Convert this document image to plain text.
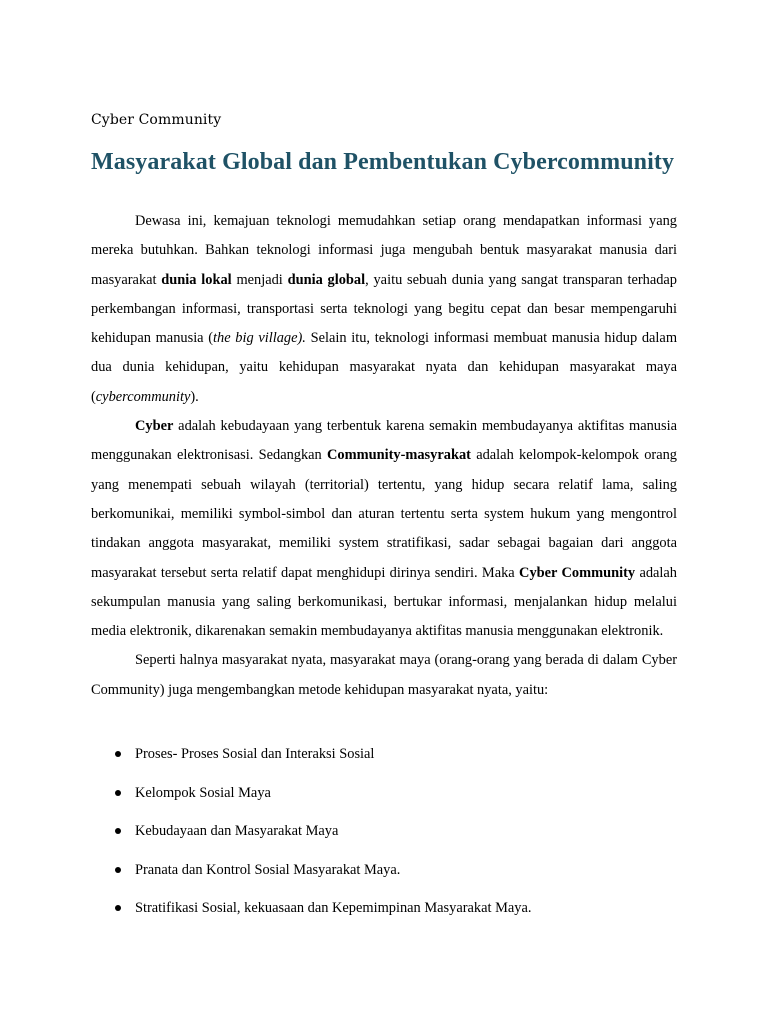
Cyber Community
Masyarakat Global dan Pembentukan Cybercommunity

Dewasa ini, kemajuan teknologi memudahkan setiap orang mendapatkan informasi yang mereka butuhkan. Bahkan teknologi informasi juga mengubah bentuk masyarakat manusia dari masyarakat dunia lokal menjadi dunia global, yaitu sebuah dunia yang sangat transparan terhadap perkembangan informasi, transportasi serta teknologi yang begitu cepat dan besar mempengaruhi kehidupan manusia (the big village). Selain itu, teknologi informasi membuat manusia hidup dalam dua dunia kehidupan, yaitu kehidupan masyarakat nyata dan kehidupan masyarakat maya (cybercommunity).

Cyber adalah kebudayaan yang terbentuk karena semakin membudayanya aktifitas manusia menggunakan elektronisasi. Sedangkan Community-masyrakat adalah kelompok-kelompok orang yang menempati sebuah wilayah (territorial) tertentu, yang hidup secara relatif lama, saling berkomunikai, memiliki symbol-simbol dan aturan tertentu serta system hukum yang mengontrol tindakan anggota masyarakat, memiliki system stratifikasi, sadar sebagai bagaian dari anggota masyarakat tersebut serta relatif dapat menghidupi dirinya sendiri. Maka Cyber Community adalah sekumpulan manusia yang saling berkomunikasi, bertukar informasi, menjalankan hidup melalui media elektronik, dikarenakan semakin membudayanya aktifitas manusia menggunakan elektronik.

Seperti halnya masyarakat nyata, masyarakat maya (orang-orang yang berada di dalam Cyber Community) juga mengembangkan metode kehidupan masyarakat nyata, yaitu:

Proses- Proses Sosial dan Interaksi Sosial
Kelompok Sosial Maya
Kebudayaan dan Masyarakat Maya
Pranata dan Kontrol Sosial Masyarakat Maya.
Stratifikasi Sosial, kekuasaan dan Kepemimpinan Masyarakat Maya.
